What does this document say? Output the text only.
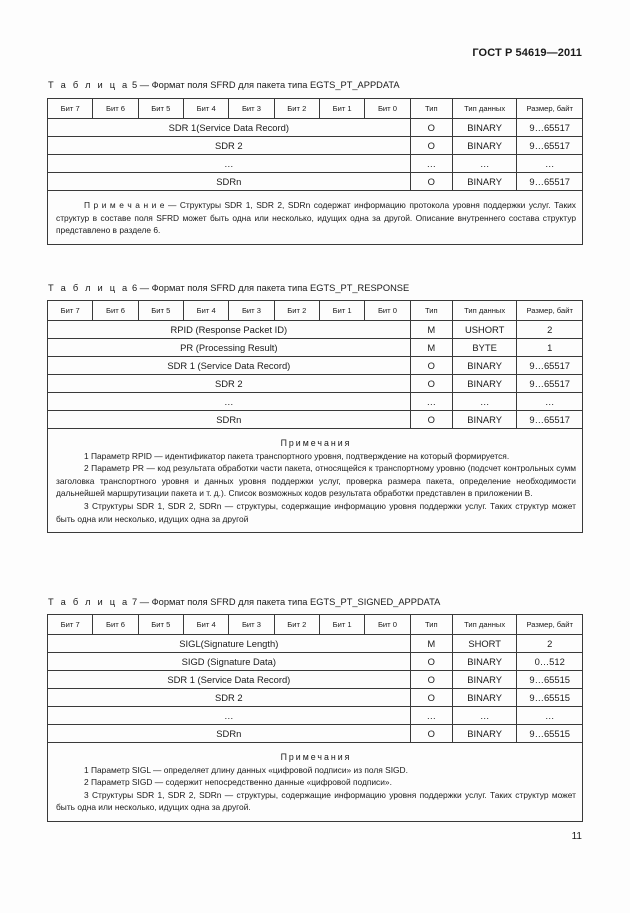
ГОСТ Р 54619—2011
Т а б л и ц а 5 — Формат поля SFRD для пакета типа EGTS_PT_APPDATA
Бит 7	Бит 6	Бит 5	Бит 4	Бит 3	Бит 2	Бит 1	Бит 0	Тип	Тип данных	Размер, байт
SDR 1(Service Data Record)								O	BINARY	9…65517
SDR 2								O	BINARY	9…65517
…								…	…	…
SDRn								O	BINARY	9…65517

П р и м е ч а н и е — Структуры SDR 1, SDR 2, SDRn содержат информацию протокола уровня поддержки услуг. Таких структур в составе поля SFRD может быть одна или несколько, идущих одна за другой. Описание внутреннего состава структур представлено в разделе 6.										
Т а б л и ц а 6 — Формат поля SFRD для пакета типа EGTS_PT_RESPONSE
Бит 7	Бит 6	Бит 5	Бит 4	Бит 3	Бит 2	Бит 1	Бит 0	Тип	Тип данных	Размер, байт
RPID (Response Packet ID)								M	USHORT	2
PR (Processing Result)								M	BYTE	1
SDR 1 (Service Data Record)								O	BINARY	9…65517
SDR 2								O	BINARY	9…65517
…								…	…	…
SDRn								O	BINARY	9…65517

Примечания
1 Параметр RPID — идентификатор пакета транспортного уровня, подтверждение на который формируется.
2 Параметр PR — код результата обработки части пакета, относящейся к транспортному уровню (подсчет контрольных сумм заголовка транспортного уровня и данных уровня поддержки услуг, проверка размера пакета, определение необходимости дальнейшей маршрутизации пакета и т. д.). Список возможных кодов результата обработки представлен в приложении В.
3 Структуры SDR 1, SDR 2, SDRn — структуры, содержащие информацию уровня поддержки услуг. Таких структур может быть одна или несколько, идущих одна за другой										
Т а б л и ц а 7 — Формат поля SFRD для пакета типа EGTS_PT_SIGNED_APPDATA
Бит 7	Бит 6	Бит 5	Бит 4	Бит 3	Бит 2	Бит 1	Бит 0	Тип	Тип данных	Размер, байт
SIGL(Signature Length)								M	SHORT	2
SIGD (Signature Data)								O	BINARY	0…512
SDR 1 (Service Data Record)								O	BINARY	9…65515
SDR 2								O	BINARY	9…65515
…								…	…	…
SDRn								O	BINARY	9…65515

Примечания
1 Параметр SIGL — определяет длину данных «цифровой подписи» из поля SIGD.
2 Параметр SIGD — содержит непосредственно данные «цифровой подписи».
3 Структуры SDR 1, SDR 2, SDRn — структуры, содержащие информацию уровня поддержки услуг. Таких структур может быть одна или несколько, идущих одна за другой.										
11
